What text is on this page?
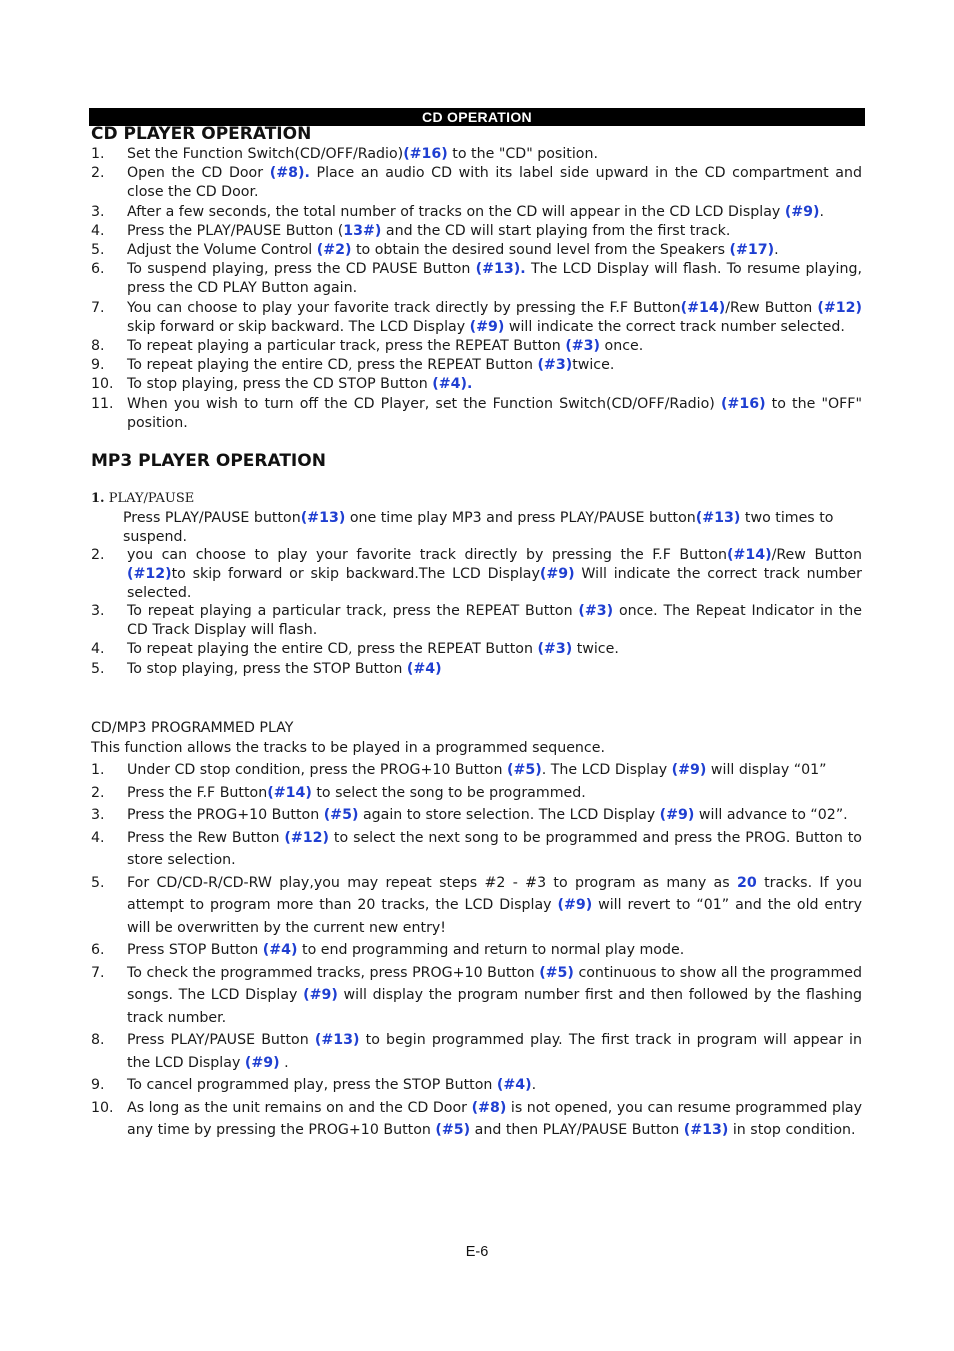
CD OPERATION
CD PLAYER OPERATION
1. Set the Function Switch(CD/OFF/Radio)(#16) to the "CD" position.
2. Open the CD Door (#8). Place an audio CD with its label side upward in the CD compartment and close the CD Door.
3. After a few seconds, the total number of tracks on the CD will appear in the CD LCD Display (#9).
4. Press the PLAY/PAUSE Button (13#) and the CD will start playing from the first track.
5. Adjust the Volume Control (#2) to obtain the desired sound level from the Speakers (#17).
6. To suspend playing, press the CD PAUSE Button (#13). The LCD Display will flash. To resume playing, press the CD PLAY Button again.
7. You can choose to play your favorite track directly by pressing the F.F Button(#14)/Rew Button (#12) skip forward or skip backward. The LCD Display (#9) will indicate the correct track number selected.
8. To repeat playing a particular track, press the REPEAT Button (#3) once.
9. To repeat playing the entire CD, press the REPEAT Button (#3)twice.
10. To stop playing, press the CD STOP Button (#4).
11. When you wish to turn off the CD Player, set the Function Switch(CD/OFF/Radio) (#16) to the "OFF" position.
MP3 PLAYER OPERATION
1. PLAY/PAUSE
Press PLAY/PAUSE button(#13) one time play MP3 and press PLAY/PAUSE button(#13) two times to suspend.
2. you can choose to play your favorite track directly by pressing the F.F Button(#14)/Rew Button (#12)to skip forward or skip backward.The LCD Display(#9) Will indicate the correct track number selected.
3. To repeat playing a particular track, press the REPEAT Button (#3) once. The Repeat Indicator in the CD Track Display will flash.
4. To repeat playing the entire CD, press the REPEAT Button (#3) twice.
5. To stop playing, press the STOP Button (#4)
CD/MP3 PROGRAMMED PLAY
This function allows the tracks to be played in a programmed sequence.
1. Under CD stop condition, press the PROG+10 Button (#5). The LCD Display (#9) will display “01”
2. Press the F.F Button(#14) to select the song to be programmed.
3. Press the PROG+10 Button (#5) again to store selection. The LCD Display (#9) will advance to “02”.
4. Press the Rew Button (#12) to select the next song to be programmed and press the PROG. Button to store selection.
5. For CD/CD-R/CD-RW play,you may repeat steps #2 - #3 to program as many as 20 tracks. If you attempt to program more than 20 tracks, the LCD Display (#9) will revert to “01” and the old entry will be overwritten by the current new entry!
6. Press STOP Button (#4) to end programming and return to normal play mode.
7. To check the programmed tracks, press PROG+10 Button (#5) continuous to show all the programmed songs. The LCD Display (#9) will display the program number first and then followed by the flashing track number.
8. Press PLAY/PAUSE Button (#13) to begin programmed play. The first track in program will appear in the LCD Display (#9) .
9. To cancel programmed play, press the STOP Button (#4).
10. As long as the unit remains on and the CD Door (#8) is not opened, you can resume programmed play any time by pressing the PROG+10 Button (#5) and then PLAY/PAUSE Button (#13) in stop condition.
E-6
